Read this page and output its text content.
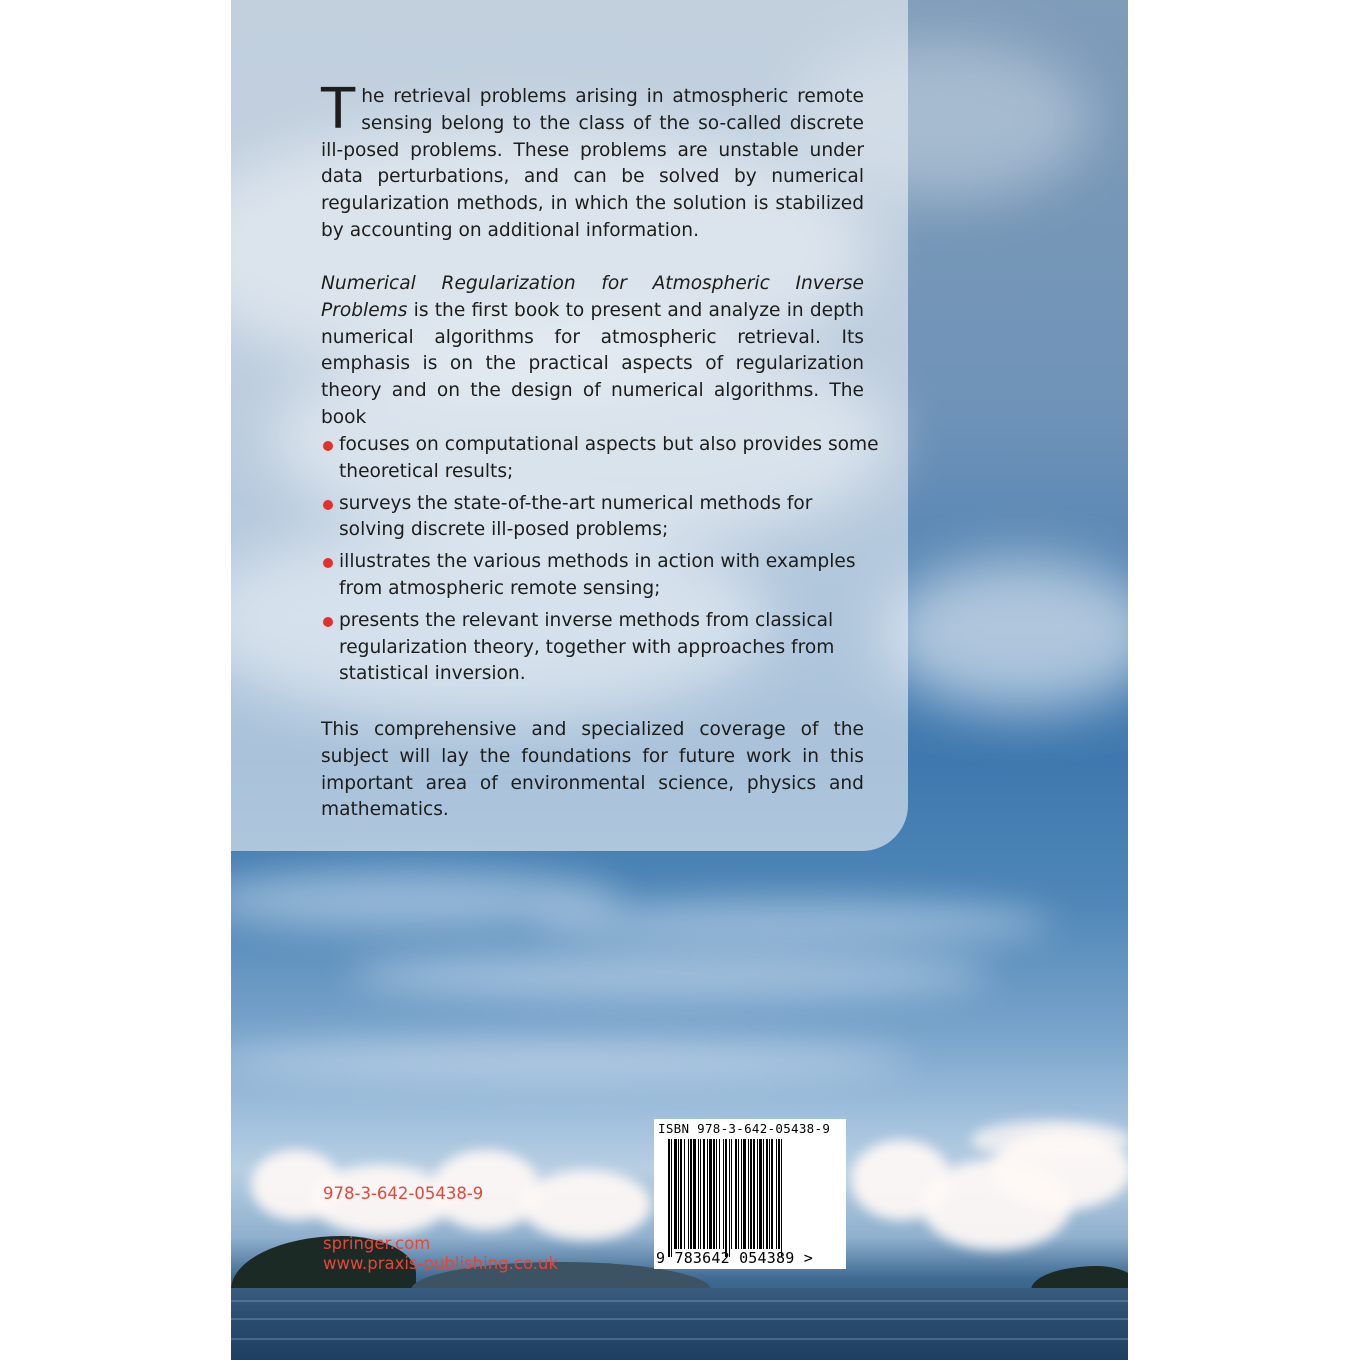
The retrieval problems arising in atmospheric remote sensing belong to the class of the so-called discrete ill-posed problems. These problems are unstable under data perturbations, and can be solved by numerical regularization methods, in which the solution is stabilized by accounting on additional information.
Numerical Regularization for Atmospheric Inverse Problems is the first book to present and analyze in depth numerical algorithms for atmospheric retrieval. Its emphasis is on the practical aspects of regularization theory and on the design of numerical algorithms. The book
focuses on computational aspects but also provides some theoretical results;
surveys the state-of-the-art numerical methods for solving discrete ill-posed problems;
illustrates the various methods in action with examples from atmospheric remote sensing;
presents the relevant inverse methods from classical regularization theory, together with approaches from statistical inversion.
This comprehensive and specialized coverage of the subject will lay the foundations for future work in this important area of environmental science, physics and mathematics.
978-3-642-05438-9
springer.com
www.praxis-publishing.co.uk
ISBN 978-3-642-05438-9
9 783642 054389 >
